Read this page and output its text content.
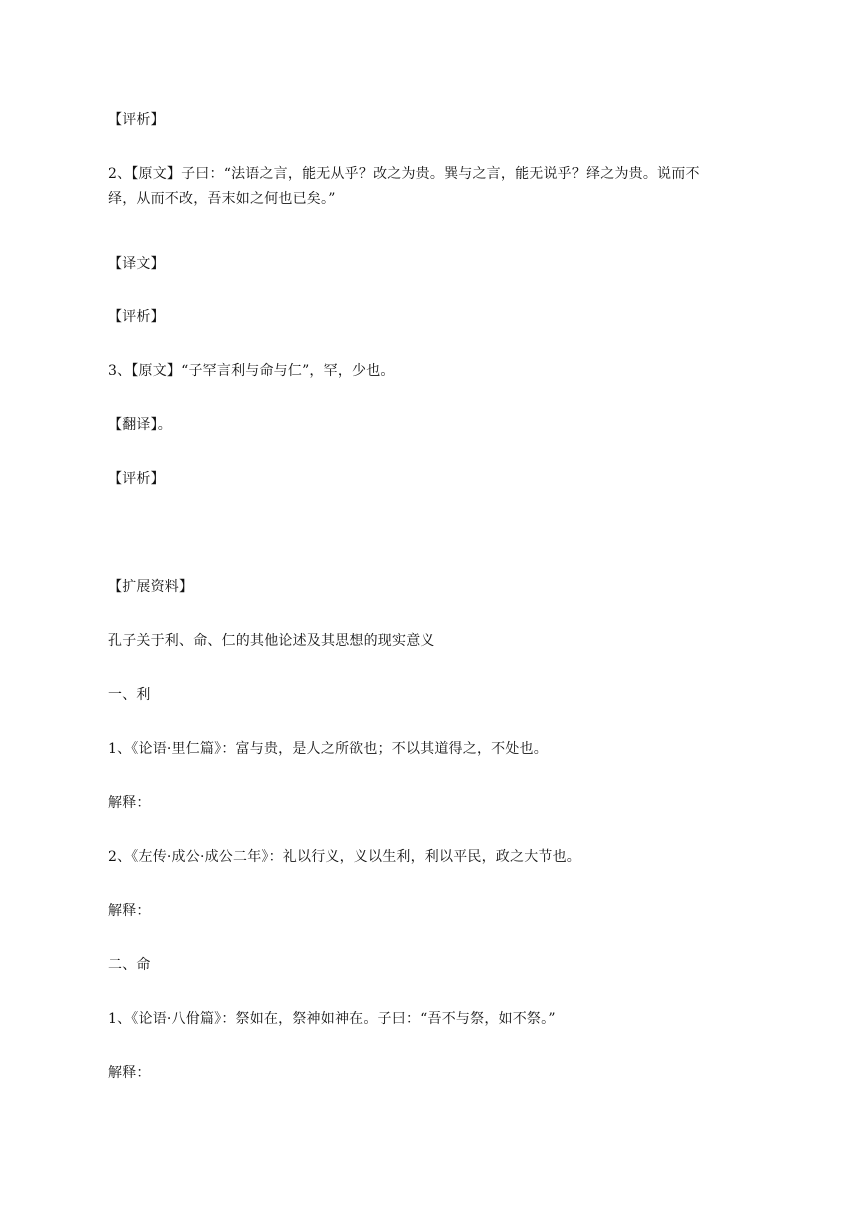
【评析】
2、【原文】子曰：“法语之言，能无从乎？改之为贵。巽与之言，能无说乎？绎之为贵。说而不
绎，从而不改，吾末如之何也已矣。”
【译文】
【评析】
3、【原文】“子罕言利与命与仁”，罕，少也。
【翻译】。
【评析】
【扩展资料】
孔子关于利、命、仁的其他论述及其思想的现实意义
一、利
1、《论语·里仁篇》：富与贵，是人之所欲也；不以其道得之，不处也。
解释：
2、《左传·成公·成公二年》：礼以行义，义以生利，利以平民，政之大节也。
解释：
二、命
1、《论语·八佾篇》：祭如在，祭神如神在。子曰：“吾不与祭，如不祭。”
解释：
